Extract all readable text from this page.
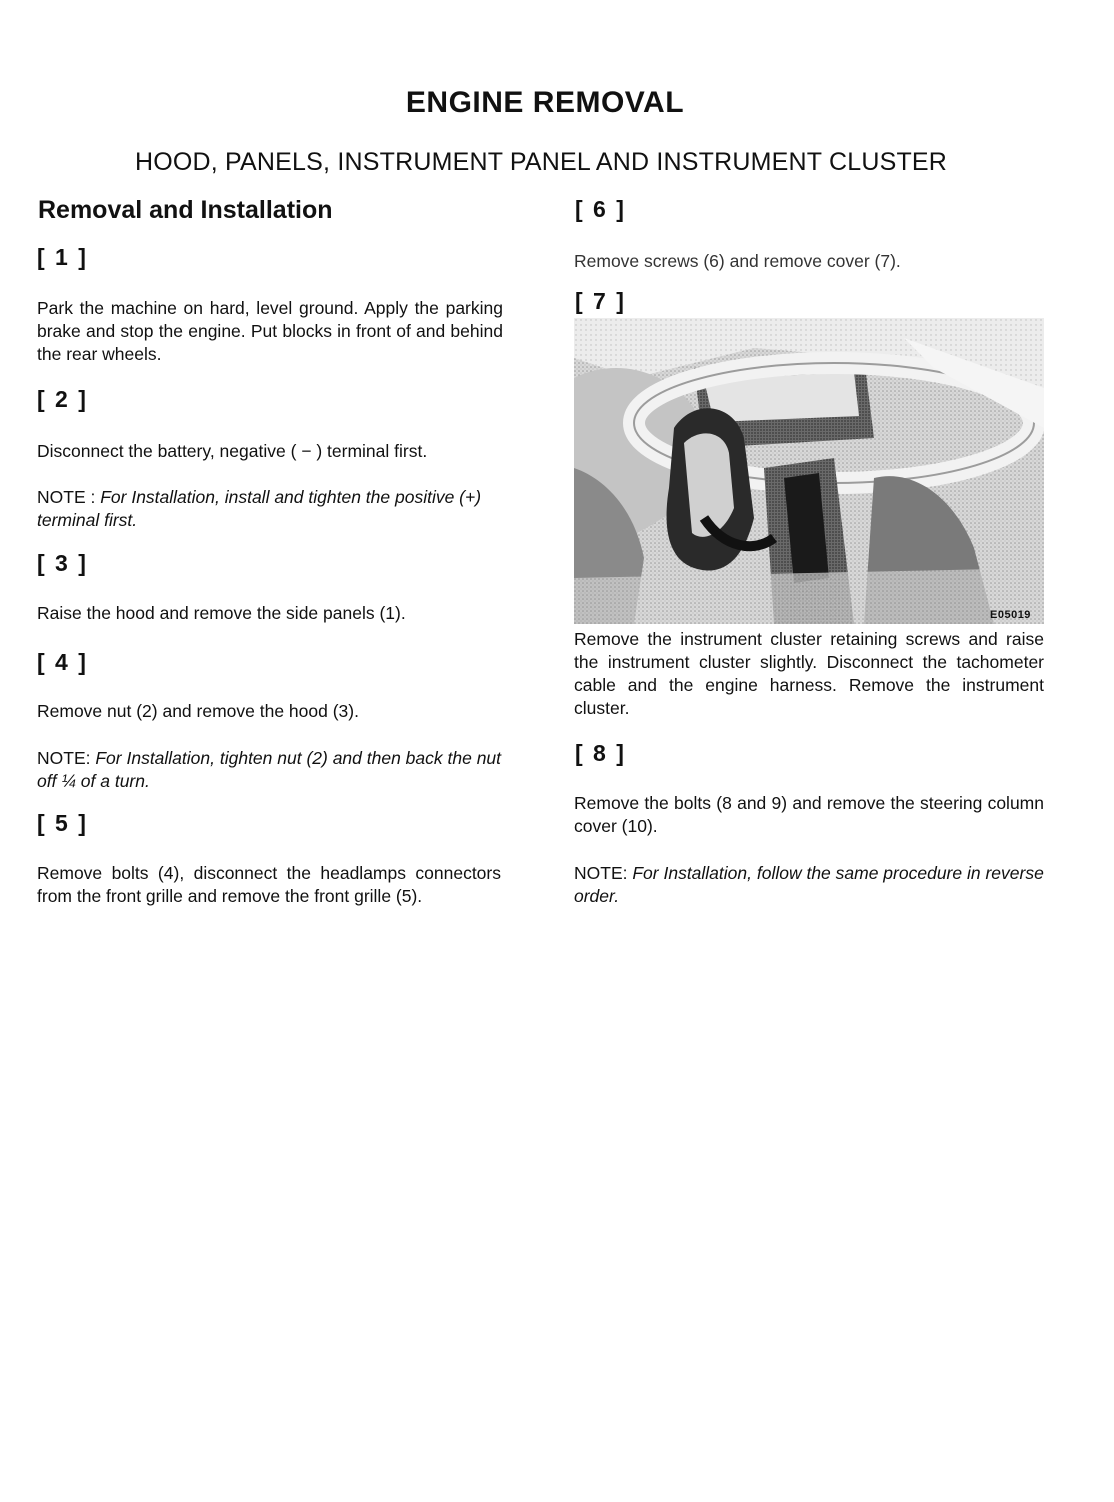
ENGINE REMOVAL
HOOD, PANELS, INSTRUMENT PANEL AND INSTRUMENT CLUSTER
Removal and Installation
[ 1 ]
Park the machine on hard, level ground. Apply the parking brake and stop the engine. Put blocks in front of and behind the rear wheels.
[ 2 ]
Disconnect the battery, negative ( − ) terminal first.
NOTE : For Installation, install and tighten the positive (+) terminal first.
[ 3 ]
Raise the hood and remove the side panels (1).
[ 4 ]
Remove nut (2) and remove the hood (3).
NOTE: For Installation, tighten nut (2) and then back the nut off ¼ of a turn.
[ 5 ]
Remove bolts (4), disconnect the headlamps connectors from the front grille and remove the front grille (5).
[ 6 ]
Remove screws (6) and remove cover (7).
[ 7 ]
E05019
Remove the instrument cluster retaining screws and raise the instrument cluster slightly. Disconnect the tachometer cable and the engine harness. Remove the instrument cluster.
[ 8 ]
Remove the bolts (8 and 9) and remove the steering column cover (10).
NOTE: For Installation, follow the same procedure in reverse order.
